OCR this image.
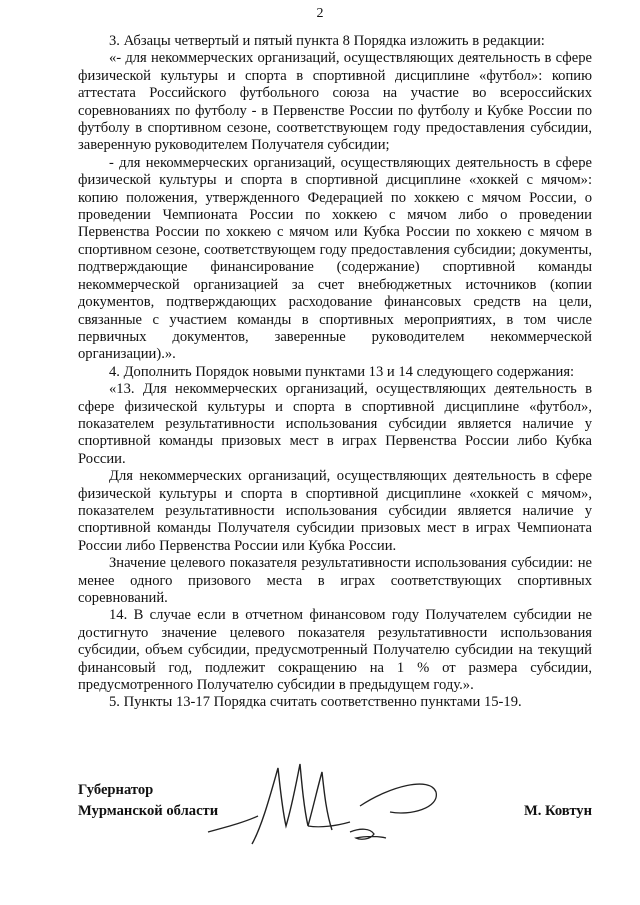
2

3. Абзацы четвертый и пятый пункта 8 Порядка изложить в редакции:

«- для некоммерческих организаций, осуществляющих деятельность в сфере физической культуры и спорта в спортивной дисциплине «футбол»: копию аттестата Российского футбольного союза на участие во всероссийских соревнованиях по футболу - в Первенстве России по футболу и Кубке России по футболу в спортивном сезоне, соответствующем году предоставления субсидии, заверенную руководителем Получателя субсидии;

- для некоммерческих организаций, осуществляющих деятельность в сфере физической культуры и спорта в спортивной дисциплине «хоккей с мячом»: копию положения, утвержденного Федерацией по хоккею с мячом России, о проведении Чемпионата России по хоккею с мячом либо о проведении Первенства России по хоккею с мячом или Кубка России по хоккею с мячом в спортивном сезоне, соответствующем году предоставления субсидии; документы, подтверждающие финансирование (содержание) спортивной команды некоммерческой организацией за счет внебюджетных источников (копии документов, подтверждающих расходование финансовых средств на цели, связанные с участием команды в спортивных мероприятиях, в том числе первичных документов, заверенные руководителем некоммерческой организации).».

4. Дополнить Порядок новыми пунктами 13 и 14 следующего содержания:

«13. Для некоммерческих организаций, осуществляющих деятельность в сфере физической культуры и спорта в спортивной дисциплине «футбол», показателем результативности использования субсидии является наличие у спортивной команды призовых мест в играх Первенства России либо Кубка России.

Для некоммерческих организаций, осуществляющих деятельность в сфере физической культуры и спорта в спортивной дисциплине «хоккей с мячом», показателем результативности использования субсидии является наличие у спортивной команды Получателя субсидии призовых мест в играх Чемпионата России либо Первенства России или Кубка России.

Значение целевого показателя результативности использования субсидии: не менее одного призового места в играх соответствующих спортивных соревнований.

14. В случае если в отчетном финансовом году Получателем субсидии не достигнуто значение целевого показателя результативности использования субсидии, объем субсидии, предусмотренный Получателю субсидии на текущий финансовый год, подлежит сокращению на 1 % от размера субсидии, предусмотренного Получателю субсидии в предыдущем году.».

5. Пункты 13-17 Порядка считать соответственно пунктами 15-19.

Губернатор
Мурманской области	М. Ковтун
